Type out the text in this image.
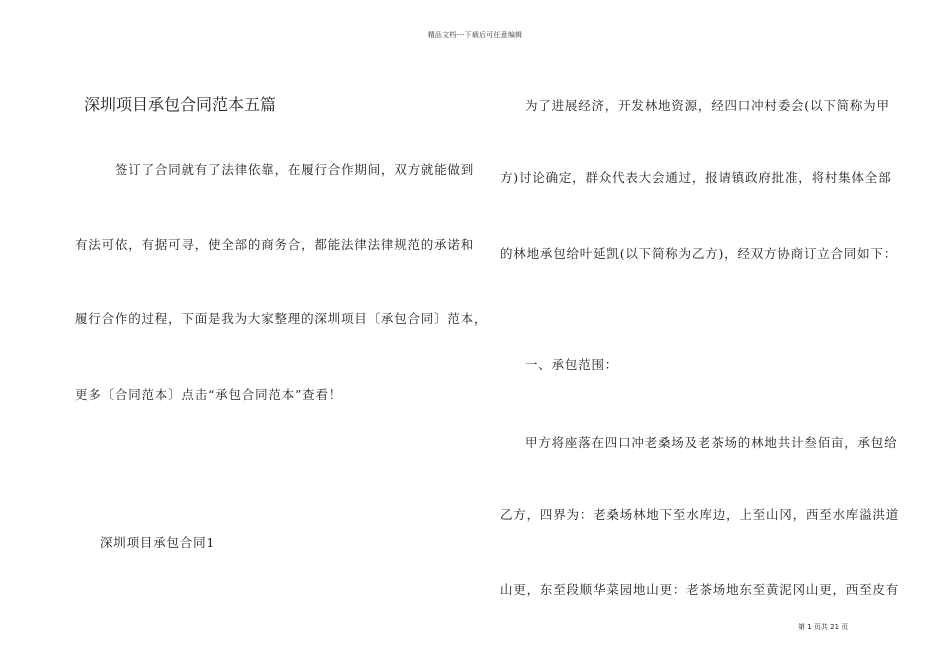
精品文档---下载后可任意编辑
深圳项目承包合同范本五篇
签订了合同就有了法律依靠，在履行合作期间，双方就能做到
有法可依，有据可寻，使全部的商务合，都能法律法律规范的承诺和
履行合作的过程，下面是我为大家整理的深圳项目〔承包合同〕范本，
更多〔合同范本〕点击“承包合同范本”查看！
深圳项目承包合同1
为了进展经济，开发林地资源，经四口冲村委会(以下简称为甲
方)讨论确定，群众代表大会通过，报请镇政府批准，将村集体全部
的林地承包给叶延凯(以下简称为乙方)，经双方协商订立合同如下：
一、承包范围：
甲方将座落在四口冲老桑场及老茶场的林地共计叁佰亩，承包给
乙方，四界为：老桑场林地下至水库边，上至山冈，西至水库溢洪道
山更，东至段顺华菜园地山更：老茶场地东至黄泥冈山更，西至皮有
第 1 页共 21 页
